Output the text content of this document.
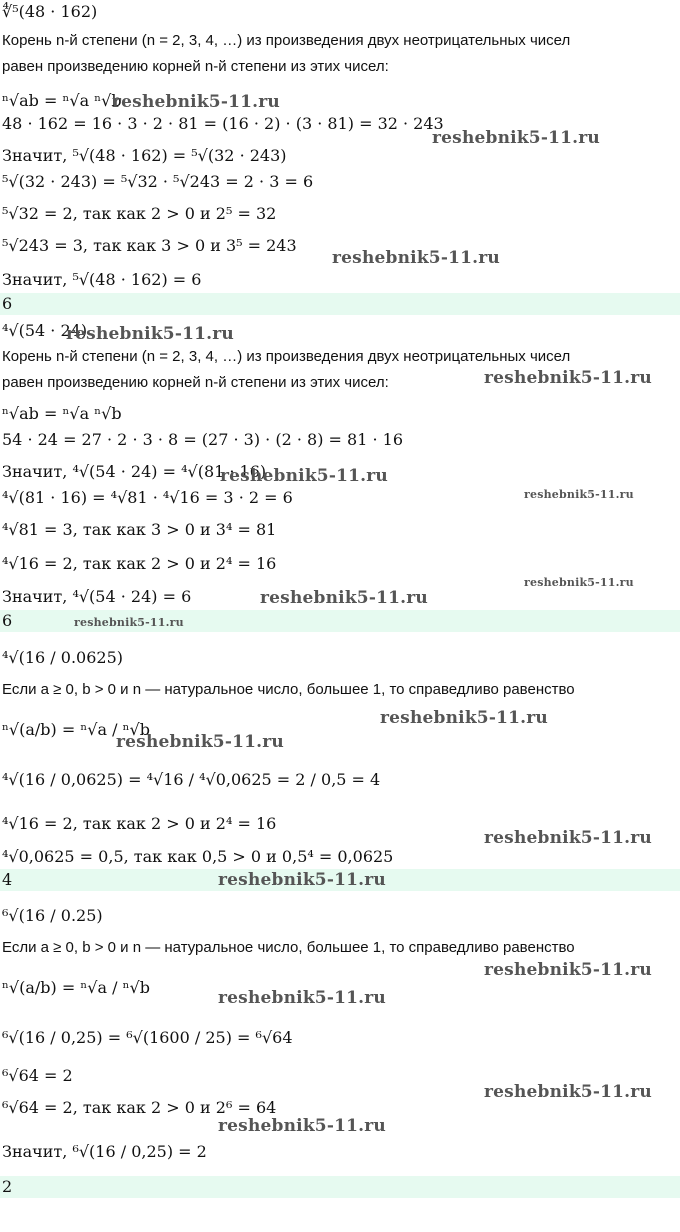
∜⁵(48 · 162)
Корень n-й степени (n = 2, 3, 4, …) из произведения двух неотрицательных чисел
равен произведению корней n-й степени из этих чисел:
ⁿ√ab = ⁿ√a ⁿ√b
48 · 162 = 16 · 3 · 2 · 81 = (16 · 2) · (3 · 81) = 32 · 243
Значит, ⁵√(48 · 162) = ⁵√(32 · 243)
⁵√(32 · 243) = ⁵√32 · ⁵√243 = 2 · 3 = 6
⁵√32 = 2, так как 2 > 0 и 2⁵ = 32
⁵√243 = 3, так как 3 > 0 и 3⁵ = 243
Значит, ⁵√(48 · 162) = 6
6
⁴√(54 · 24)
Корень n-й степени (n = 2, 3, 4, …) из произведения двух неотрицательных чисел
равен произведению корней n-й степени из этих чисел:
ⁿ√ab = ⁿ√a ⁿ√b
54 · 24 = 27 · 2 · 3 · 8 = (27 · 3) · (2 · 8) = 81 · 16
Значит, ⁴√(54 · 24) = ⁴√(81 · 16)
⁴√(81 · 16) = ⁴√81 · ⁴√16 = 3 · 2 = 6
⁴√81 = 3, так как 3 > 0 и 3⁴ = 81
⁴√16 = 2, так как 2 > 0 и 2⁴ = 16
Значит, ⁴√(54 · 24) = 6
6
⁴√(16 / 0.0625)
Если a ≥ 0, b > 0 и n — натуральное число, большее 1, то справедливо равенство
ⁿ√(a/b) = ⁿ√a / ⁿ√b
⁴√(16 / 0,0625) = ⁴√16 / ⁴√0,0625 = 2 / 0,5 = 4
⁴√16 = 2, так как 2 > 0 и 2⁴ = 16
⁴√0,0625 = 0,5, так как 0,5 > 0 и 0,5⁴ = 0,0625
4
⁶√(16 / 0.25)
Если a ≥ 0, b > 0 и n — натуральное число, большее 1, то справедливо равенство
ⁿ√(a/b) = ⁿ√a / ⁿ√b
⁶√(16 / 0,25) = ⁶√(1600 / 25) = ⁶√64
⁶√64 = 2
⁶√64 = 2, так как 2 > 0 и 2⁶ = 64
Значит, ⁶√(16 / 0,25) = 2
2
reshebnik5-11.ru
reshebnik5-11.ru
reshebnik5-11.ru
reshebnik5-11.ru
reshebnik5-11.ru
reshebnik5-11.ru
reshebnik5-11.ru
reshebnik5-11.ru
reshebnik5-11.ru
reshebnik5-11.ru
reshebnik5-11.ru
reshebnik5-11.ru
reshebnik5-11.ru
reshebnik5-11.ru
reshebnik5-11.ru
reshebnik5-11.ru
reshebnik5-11.ru
reshebnik5-11.ru
